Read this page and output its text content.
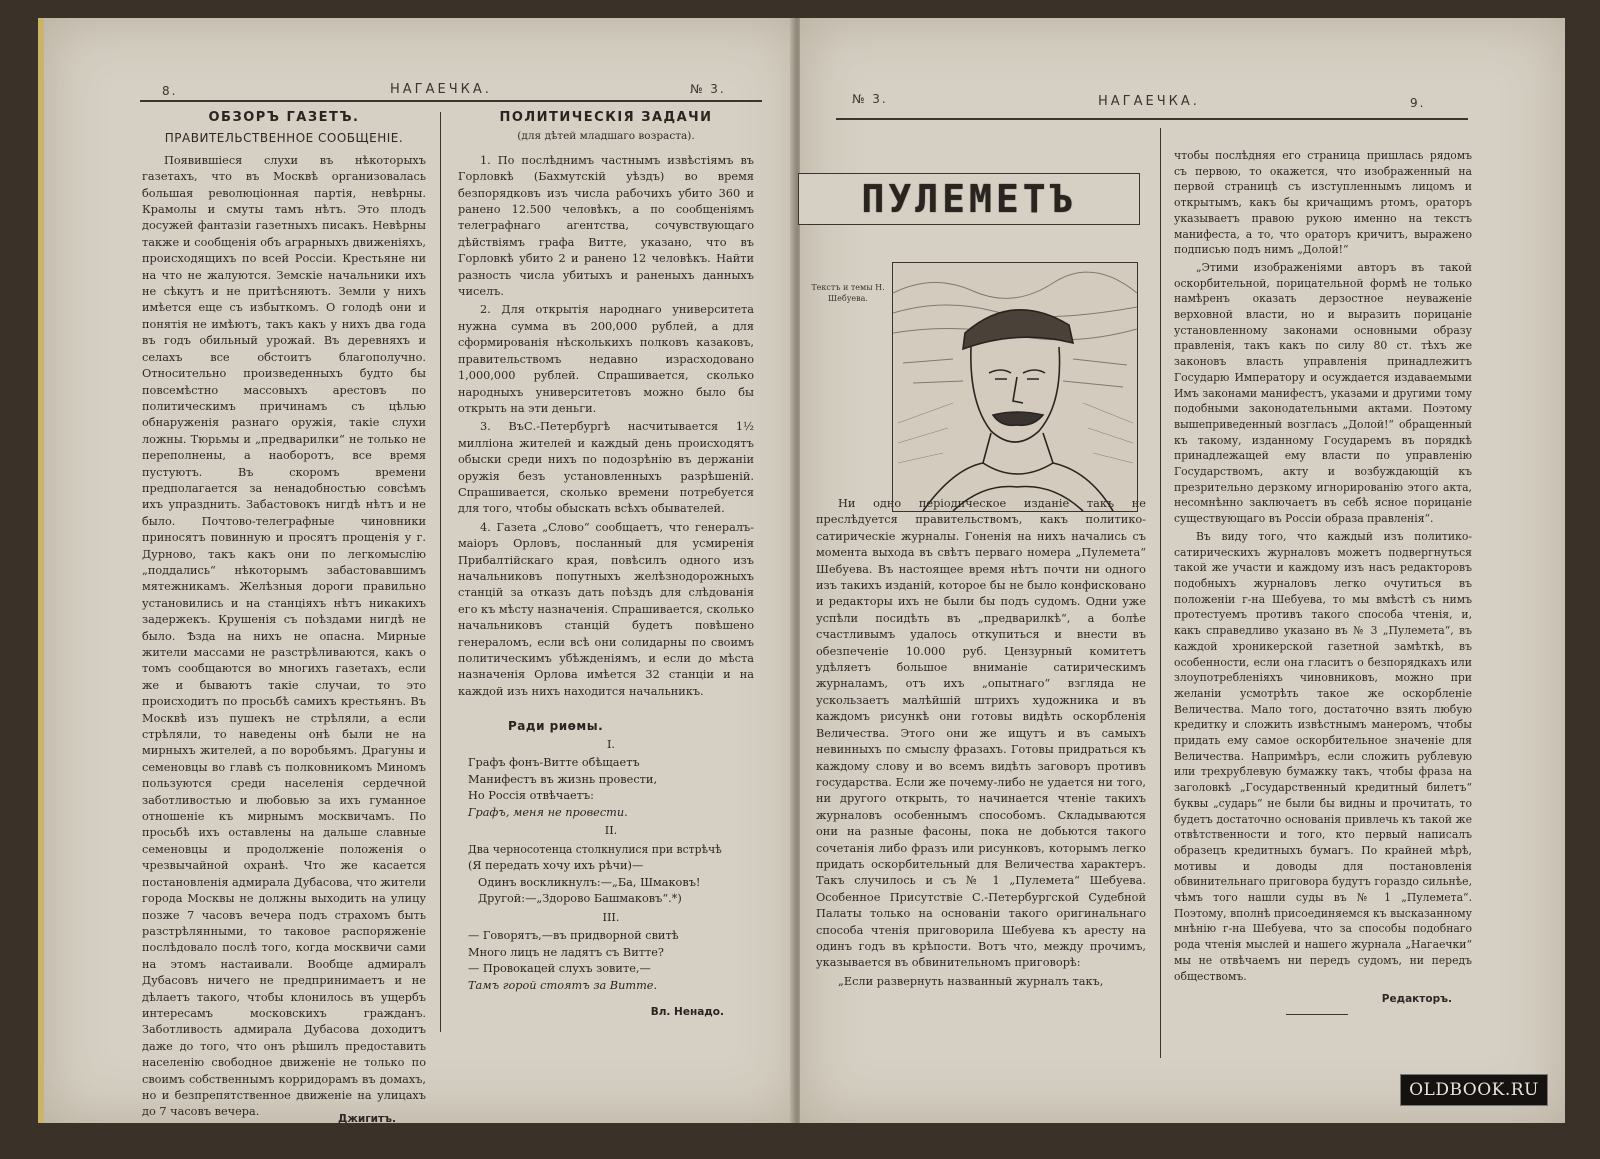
8.	НАГАЕЧКА.	№ 3.
ОБЗОРЪ ГАЗЕТЪ.
ПРАВИТЕЛЬСТВЕННОЕ СООБЩЕНІЕ.

Появившіеся слухи въ нѣкоторыхъ газетахъ, что въ Москвѣ организовалась большая революціонная партія, невѣрны. Крамолы и смуты тамъ нѣтъ. Это плодъ досужей фантазіи газетныхъ писакъ. Невѣрны также и сообщенія объ аграрныхъ движеніяхъ, происходящихъ по всей Россіи. Крестьяне ни на что не жалуются. Земскіе начальники ихъ не сѣкутъ и не притѣсняютъ. Земли у нихъ имѣется еще съ избыткомъ. О голодѣ они и понятія не имѣютъ, такъ какъ у нихъ два года въ годъ обильный урожай. Въ деревняхъ и селахъ все обстоитъ благополучно. Относительно произведенныхъ будто бы повсемѣстно массовыхъ арестовъ по политическимъ причинамъ съ цѣлью обнаруженія разнаго оружія, такіе слухи ложны. Тюрьмы и „предварилки“ не только не переполнены, а наоборотъ, все время пустуютъ. Въ скоромъ времени предполагается за ненадобностью совсѣмъ ихъ упразднить. Забастовокъ нигдѣ нѣтъ и не было. Почтово-телеграфные чиновники приносятъ повинную и просятъ прощенія у г. Дурново, такъ какъ они по легкомыслію „поддались“ нѣкоторымъ забастовавшимъ мятежникамъ. Желѣзныя дороги правильно установились и на станціяхъ нѣтъ никакихъ задержекъ. Крушенія съ поѣздами нигдѣ не было. Ѣзда на нихъ не опасна. Мирные жители массами не разстрѣливаются, какъ о томъ сообщаются во многихъ газетахъ, если же и бываютъ такіе случаи, то это происходитъ по просьбѣ самихъ крестьянъ. Въ Москвѣ изъ пушекъ не стрѣляли, а если стрѣляли, то наведены онѣ были не на мирныхъ жителей, а по воробьямъ. Драгуны и семеновцы во главѣ съ полковникомъ Миномъ пользуются среди населенія сердечной заботливостью и любовью за ихъ гуманное отношеніе къ мирнымъ москвичамъ. По просьбѣ ихъ оставлены на дальше славные семеновцы и продолженіе положенія о чрезвычайной охранѣ. Что же касается постановленія адмирала Дубасова, что жители города Москвы не должны выходить на улицу позже 7 часовъ вечера подъ страхомъ быть разстрѣлянными, то таковое распоряженіе послѣдовало послѣ того, когда москвичи сами на этомъ настаивали. Вообще адмиралъ Дубасовъ ничего не предпринимаетъ и не дѣлаетъ такого, чтобы клонилось въ ущербъ интересамъ московскихъ гражданъ. Заботливость адмирала Дубасова доходитъ даже до того, что онъ рѣшилъ предоставить населенію свободное движеніе не только по своимъ собственнымъ корридорамъ въ домахъ, но и безпрепятственное движеніе на улицахъ до 7 часовъ вечера.

Джигитъ.
ПОЛИТИЧЕСКІЯ ЗАДАЧИ
(для дѣтей младшаго возраста).

1. По послѣднимъ частнымъ извѣстіямъ въ Горловкѣ (Бахмутскій уѣздъ) во время безпорядковъ изъ числа рабочихъ убито 360 и ранено 12.500 человѣкъ, а по сообщеніямъ телеграфнаго агентства, сочувствующаго дѣйствіямъ графа Витте, указано, что въ Горловкѣ убито 2 и ранено 12 человѣкъ. Найти разность числа убитыхъ и раненыхъ данныхъ чиселъ.

2. Для открытія народнаго университета нужна сумма въ 200,000 рублей, а для сформированія нѣсколькихъ полковъ казаковъ, правительствомъ недавно израсходовано 1,000,000 рублей. Спрашивается, сколько народныхъ университетовъ можно было бы открыть на эти деньги.

3. ВъС.-Петербургѣ насчитывается 1½ милліона жителей и каждый день происходятъ обыски среди нихъ по подозрѣнію въ держаніи оружія безъ установленныхъ разрѣшеній. Спрашивается, сколько времени потребуется для того, чтобы обыскать всѣхъ обывателей.

4. Газета „Слово“ сообщаетъ, что генералъ-маіоръ Орловъ, посланный для усмиренія Прибалтійскаго края, повѣсилъ одного изъ начальниковъ попутныхъ желѣзнодорожныхъ станцій за отказъ дать поѣздъ для слѣдованія его къ мѣсту назначенія. Спрашивается, сколько начальниковъ станцій будетъ повѣшено генераломъ, если всѣ они солидарны по своимъ политическимъ убѣжденіямъ, и если до мѣста назначенія Орлова имѣется 32 станціи и на каждой изъ нихъ находится начальникъ.

Ради риѳмы.
I.
Графъ фонъ-Витте обѣщаетъ
Манифестъ въ жизнь провести,
Но Россія отвѣчаетъ:
Графъ, меня не провести.
II.
Два черносотенца столкнулися при встрѣчѣ
(Я передать хочу ихъ рѣчи)—
Одинъ воскликнулъ:—„Ба, Шмаковъ!
Другой:—„Здорово Башмаковъ“.*)
III.
— Говорятъ,—въ придворной свитѣ
Много лицъ не ладятъ съ Витте?
— Провокацей слухъ зовите,—
Тамъ горой стоятъ за Витте.
Вл. Ненадо.
№ 3.	НАГАЕЧКА.	9.
ПУЛЕМЕТЪ
Текстъ и темы Н. Шебуева.

Ни одно періодическое изданіе такъ не преслѣдуется правительствомъ, какъ политико-сатирическіе журналы. Гоненія на нихъ начались съ момента выхода въ свѣтъ перваго номера „Пулемета“ Шебуева. Въ настоящее время нѣтъ почти ни одного изъ такихъ изданій, которое бы не было конфисковано и редакторы ихъ не были бы подъ судомъ. Одни уже успѣли посидѣть въ „предварилкѣ“, а болѣе счастливымъ удалось откупиться и внести въ обезпеченіе 10.000 руб. Цензурный комитетъ удѣляетъ большое вниманіе сатирическимъ журналамъ, отъ ихъ „опытнаго“ взгляда не ускользаетъ малѣйшій штрихъ художника и въ каждомъ рисункѣ они готовы видѣть оскорбленія Величества. Этого они же ищутъ и въ самыхъ невинныхъ по смыслу фразахъ. Готовы придраться къ каждому слову и во всемъ видѣть заговоръ противъ государства. Если же почему-либо не удается ни того, ни другого открыть, то начинается чтеніе такихъ журналовъ особеннымъ способомъ. Складываются они на разные фасоны, пока не добьются такого сочетанія либо фразъ или рисунковъ, которымъ легко придать оскорбительный для Величества характеръ. Такъ случилось и съ № 1 „Пулемета“ Шебуева. Особенное Присутствіе С.-Петербургской Судебной Палаты только на основаніи такого оригинальнаго способа чтенія приговорила Шебуева къ аресту на одинъ годъ въ крѣпости. Вотъ что, между прочимъ, указывается въ обвинительномъ приговорѣ:

„Если развернуть названный журналъ такъ,

чтобы послѣдняя его страница пришлась рядомъ съ первою, то окажется, что изображенный на первой страницѣ съ изступленнымъ лицомъ и открытымъ, какъ бы кричащимъ ртомъ, ораторъ указываетъ правою рукою именно на текстъ манифеста, а то, что ораторъ кричитъ, выражено подписью подъ нимъ „Долой!“

„Этими изображеніями авторъ въ такой оскорбительной, порицательной формѣ не только намѣренъ оказать дерзостное неуваженіе верховной власти, но и выразить порицаніе установленному законами основными образу правленія, такъ какъ по силу 80 ст. тѣхъ же законовъ власть управленія принадлежитъ Государю Императору и осуждается издаваемыми Имъ законами манифестъ, указами и другими тому подобными законодательными актами. Поэтому вышеприведенный возгласъ „Долой!“ обращенный къ такому, изданному Государемъ въ порядкѣ принадлежащей ему власти по управленію Государствомъ, акту и возбуждающій къ презрительно дерзкому игнорированію этого акта, несомнѣнно заключаетъ въ себѣ ясное порицаніе существующаго въ Россіи образа правленія“.

Въ виду того, что каждый изъ политико-сатирическихъ журналовъ можетъ подвергнуться такой же участи и каждому изъ насъ редакторовъ подобныхъ журналовъ легко очутиться въ положеніи г-на Шебуева, то мы вмѣстѣ съ нимъ протестуемъ противъ такого способа чтенія, и, какъ справедливо указано въ № 3 „Пулемета“, въ каждой хроникерской газетной замѣткѣ, въ особенности, если она гласитъ о безпорядкахъ или злоупотребленіяхъ чиновниковъ, можно при желаніи усмотрѣть такое же оскорбленіе Величества. Мало того, достаточно взять любую кредитку и сложить извѣстнымъ манеромъ, чтобы придать ему самое оскорбительное значеніе для Величества. Напримѣръ, если сложить рублевую или трехрублевую бумажку такъ, чтобы фраза на заголовкѣ „Государственный кредитный билетъ“ буквы „сударь“ не были бы видны и прочитать, то будетъ достаточно основанія привлечь къ такой же отвѣтственности и того, кто первый написалъ образецъ кредитныхъ бумагъ. По крайней мѣрѣ, мотивы и доводы для постановленія обвинительнаго приговора будутъ гораздо сильнѣе, чѣмъ того нашли суды въ № 1 „Пулемета“. Поэтому, вполнѣ присоединяемся къ высказанному мнѣнію г-на Шебуева, что за способы подобнаго рода чтенія мыслей и нашего журнала „Нагаечки“ мы не отвѣчаемъ ни передъ судомъ, ни передъ обществомъ.

Редакторъ.
OLDBOOK.RU
